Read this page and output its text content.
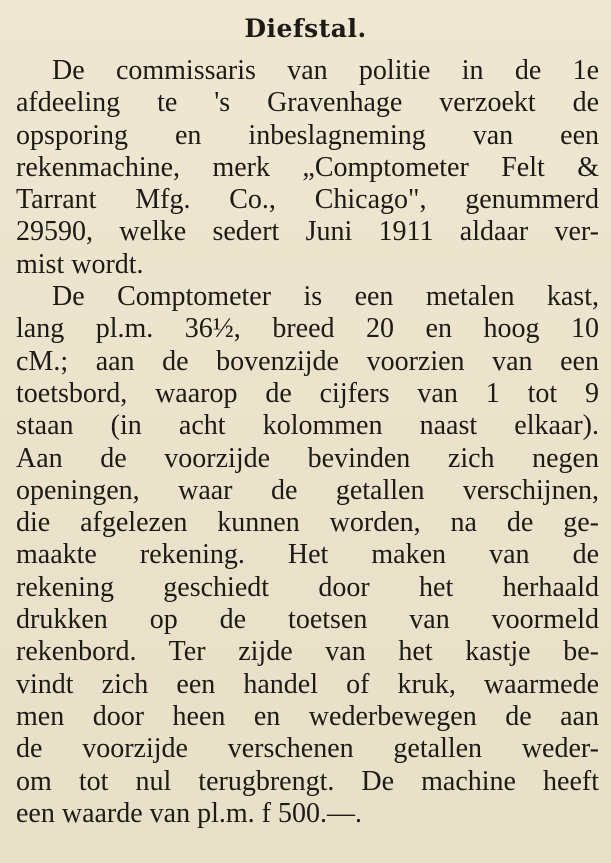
Diefstal.
De commissaris van politie in de 1e
afdeeling te 's Gravenhage verzoekt de
opsporing en inbeslagneming van een
rekenmachine, merk „Comptometer Felt &
Tarrant Mfg. Co., Chicago", genummerd
29590, welke sedert Juni 1911 aldaar ver-
mist wordt.
De Comptometer is een metalen kast,
lang pl.m. 36½, breed 20 en hoog 10
cM.; aan de bovenzijde voorzien van een
toetsbord, waarop de cijfers van 1 tot 9
staan (in acht kolommen naast elkaar).
Aan de voorzijde bevinden zich negen
openingen, waar de getallen verschijnen,
die afgelezen kunnen worden, na de ge-
maakte rekening. Het maken van de
rekening geschiedt door het herhaald
drukken op de toetsen van voormeld
rekenbord. Ter zijde van het kastje be-
vindt zich een handel of kruk, waarmede
men door heen en wederbewegen de aan
de voorzijde verschenen getallen weder-
om tot nul terugbrengt. De machine heeft
een waarde van pl.m. f 500.—.
